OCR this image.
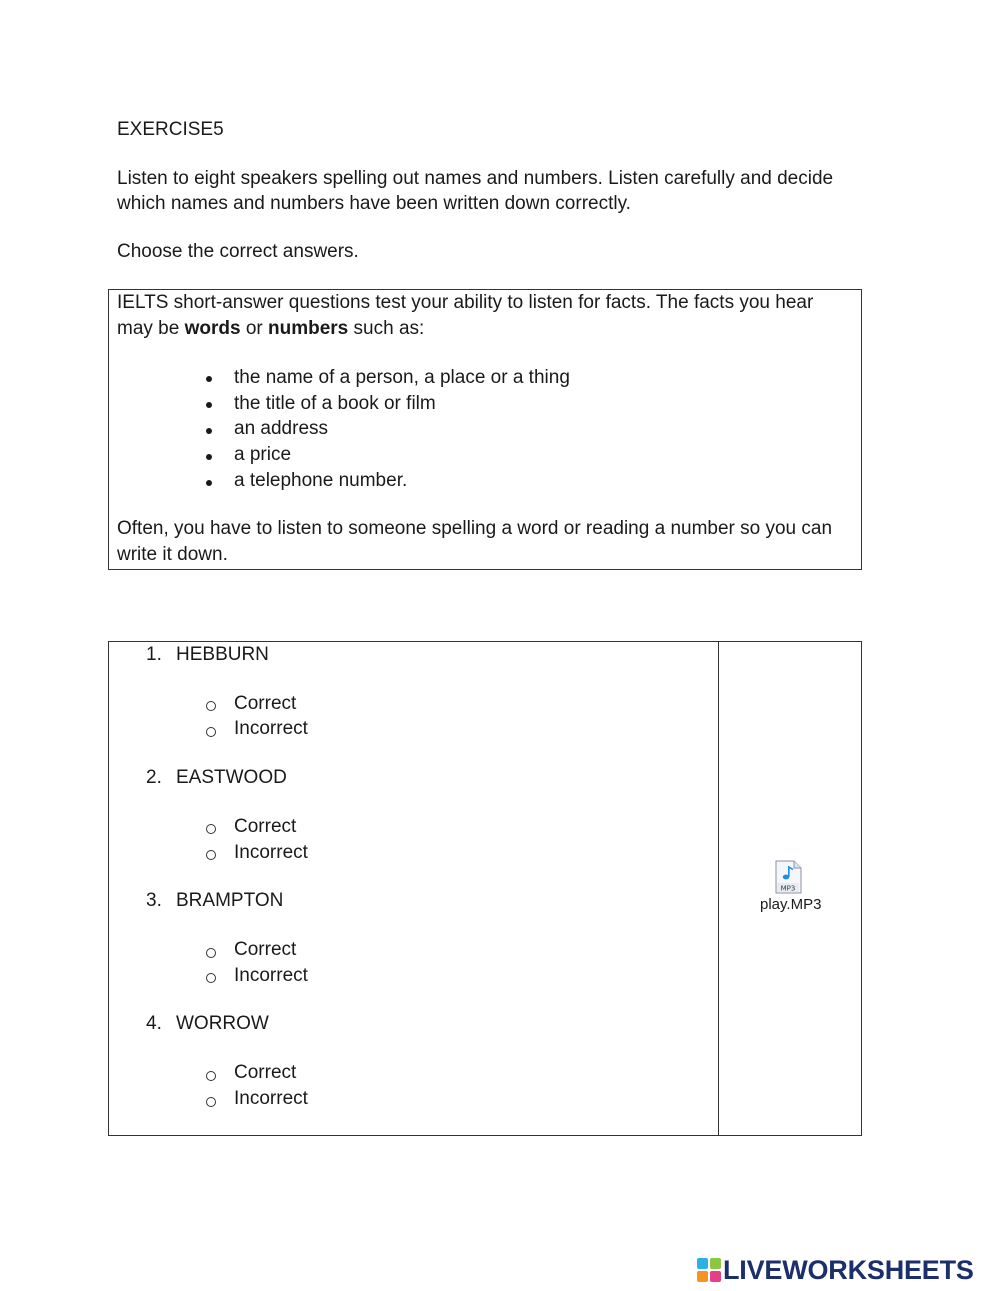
EXERCISE5
Listen to eight speakers spelling out names and numbers. Listen carefully and decide
which names and numbers have been written down correctly.
Choose the correct answers.
IELTS short-answer questions test your ability to listen for facts. The facts you hear
may be words or numbers such as:
the name of a person, a place or a thing
the title of a book or film
an address
a price
a telephone number.
Often, you have to listen to someone spelling a word or reading a number so you can
write it down.
1. HEBBURN
Correct
Incorrect
2. EASTWOOD
Correct
Incorrect
3. BRAMPTON
Correct
Incorrect
4. WORROW
Correct
Incorrect
MP3
play.MP3
LIVEWORKSHEETS
